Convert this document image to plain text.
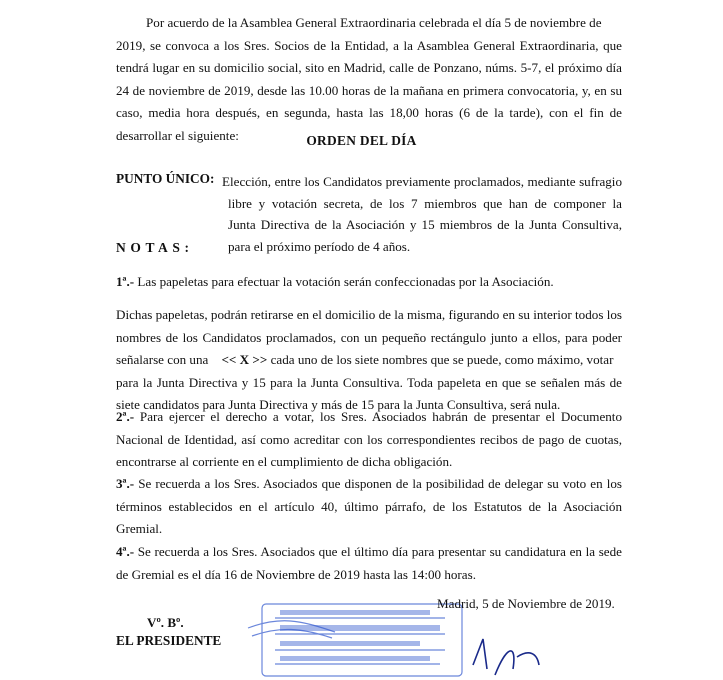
Por acuerdo de la Asamblea General Extraordinaria celebrada el día 5 de noviembre de
2019, se convoca a los Sres. Socios de la Entidad, a la Asamblea General Extraordinaria, que
tendrá lugar en su domicilio social, sito en Madrid, calle de Ponzano, núms. 5-7, el próximo día
24 de noviembre de 2019, desde las 10.00 horas de la mañana en primera convocatoria, y, en su
caso, media hora después, en segunda, hasta las 18,00 horas (6 de la tarde), con el fin de
desarrollar el siguiente:	ORDEN DEL DÍA
PUNTO ÚNICO: Elección, entre los Candidatos previamente proclamados, mediante sufragio
libre y votación secreta, de los 7 miembros que han de componer la
Junta Directiva de la Asociación y 15 miembros de la Junta Consultiva,
para el próximo período de 4 años.
NOTAS:
1ª.- Las papeletas para efectuar la votación serán confeccionadas por la Asociación.
Dichas papeletas, podrán retirarse en el domicilio de la misma, figurando en su interior todos los
nombres de los Candidatos proclamados, con un pequeño rectángulo junto a ellos, para poder
señalarse con una << X >> cada uno de los siete nombres que se puede, como máximo, votar
para la Junta Directiva y 15 para la Junta Consultiva. Toda papeleta en que se señalen más de
siete candidatos para Junta Directiva y más de 15 para la Junta Consultiva, será nula.
2ª.- Para ejercer el derecho a votar, los Sres. Asociados habrán de presentar el Documento
Nacional de Identidad, así como acreditar con los correspondientes recibos de pago de cuotas,
encontrarse al corriente en el cumplimiento de dicha obligación.
3ª.- Se recuerda a los Sres. Asociados que disponen de la posibilidad de delegar su voto en los
términos establecidos en el artículo 40, último párrafo, de los Estatutos de la Asociación
Gremial.
4ª.- Se recuerda a los Sres. Asociados que el último día para presentar su candidatura en la sede
de Gremial es el día 16 de Noviembre de 2019 hasta las 14:00 horas.
Madrid, 5 de Noviembre de 2019.
Vº. Bº.
EL PRESIDENTE
